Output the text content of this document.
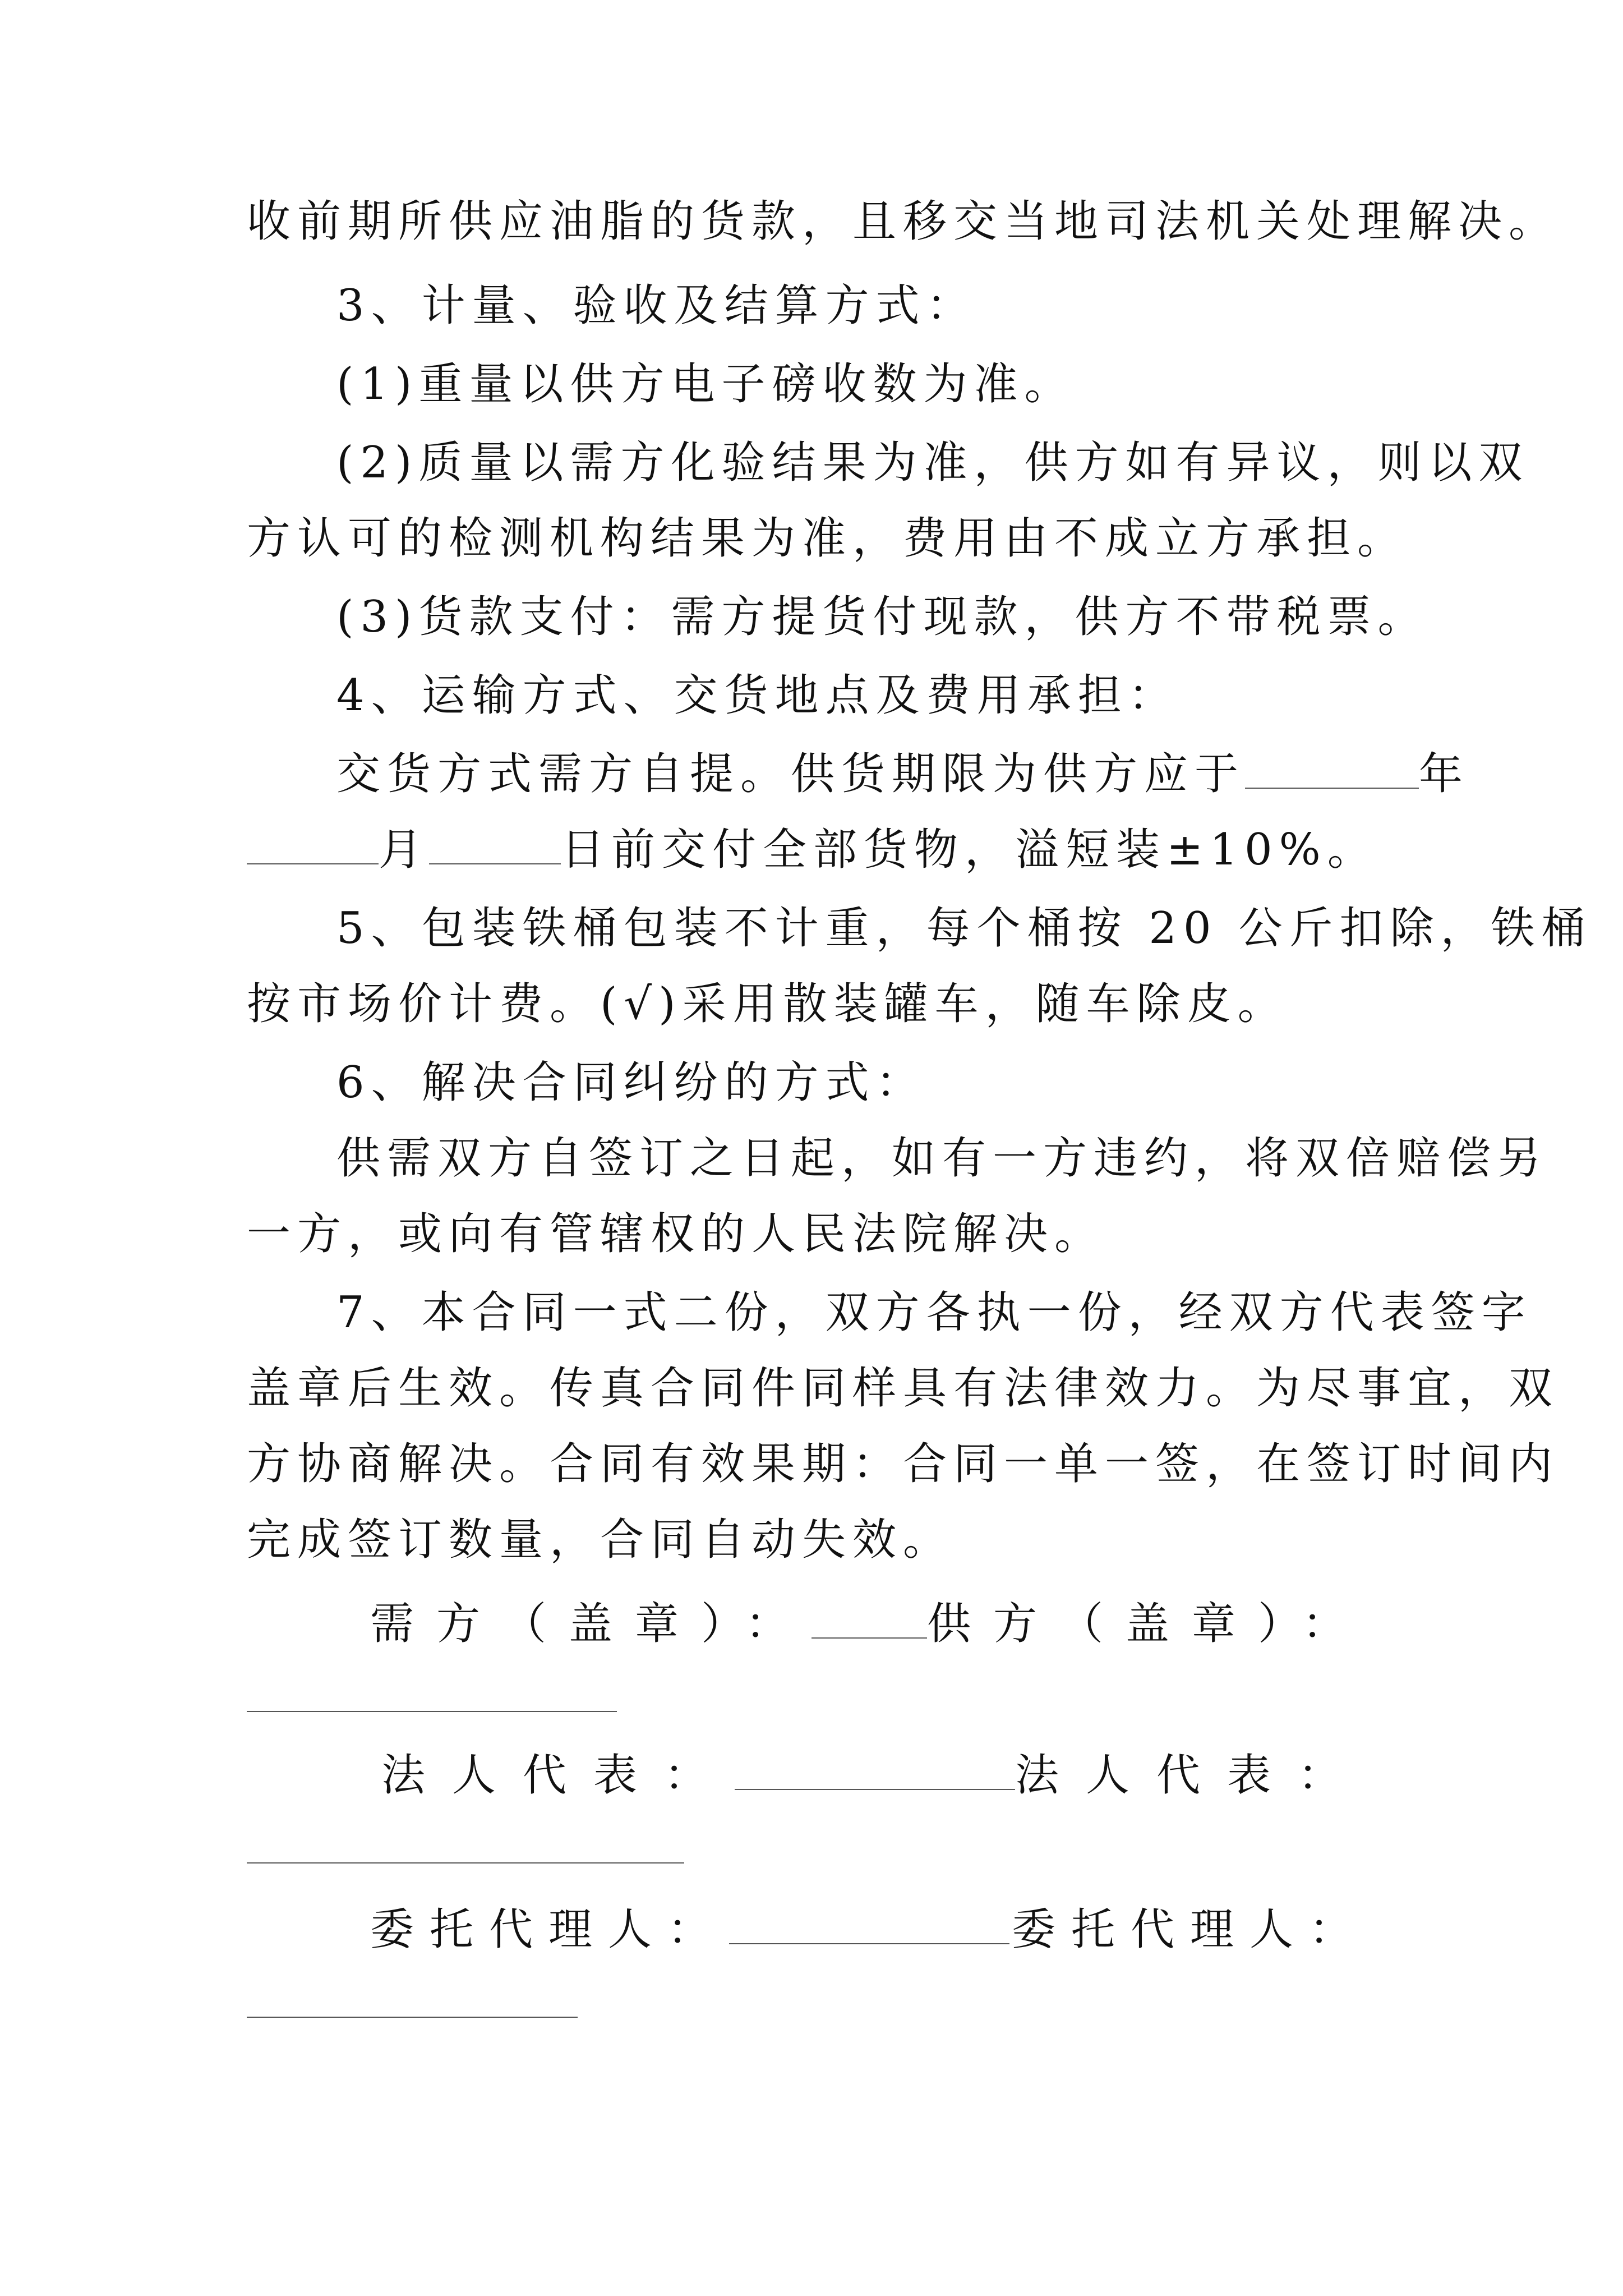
收前期所供应油脂的货款，且移交当地司法机关处理解决。
3、计量、验收及结算方式：
(1)重量以供方电子磅收数为准。
(2)质量以需方化验结果为准，供方如有异议，则以双
方认可的检测机构结果为准，费用由不成立方承担。
(3)货款支付：需方提货付现款，供方不带税票。
4、运输方式、交货地点及费用承担：
交货方式需方自提。供货期限为供方应于	年
月	日前交付全部货物，溢短装±10%。
5、包装铁桶包装不计重，每个桶按 20 公斤扣除，铁桶
按市场价计费。(√)采用散装罐车，随车除皮。
6、解决合同纠纷的方式：
供需双方自签订之日起，如有一方违约，将双倍赔偿另
一方，或向有管辖权的人民法院解决。
7、本合同一式二份，双方各执一份，经双方代表签字
盖章后生效。传真合同件同样具有法律效力。为尽事宜，双
方协商解决。合同有效果期：合同一单一签，在签订时间内
完成签订数量，合同自动失效。
需方（盖章）：	供方（盖章）：
法人代表：	法人代表：
委托代理人：	委托代理人：
